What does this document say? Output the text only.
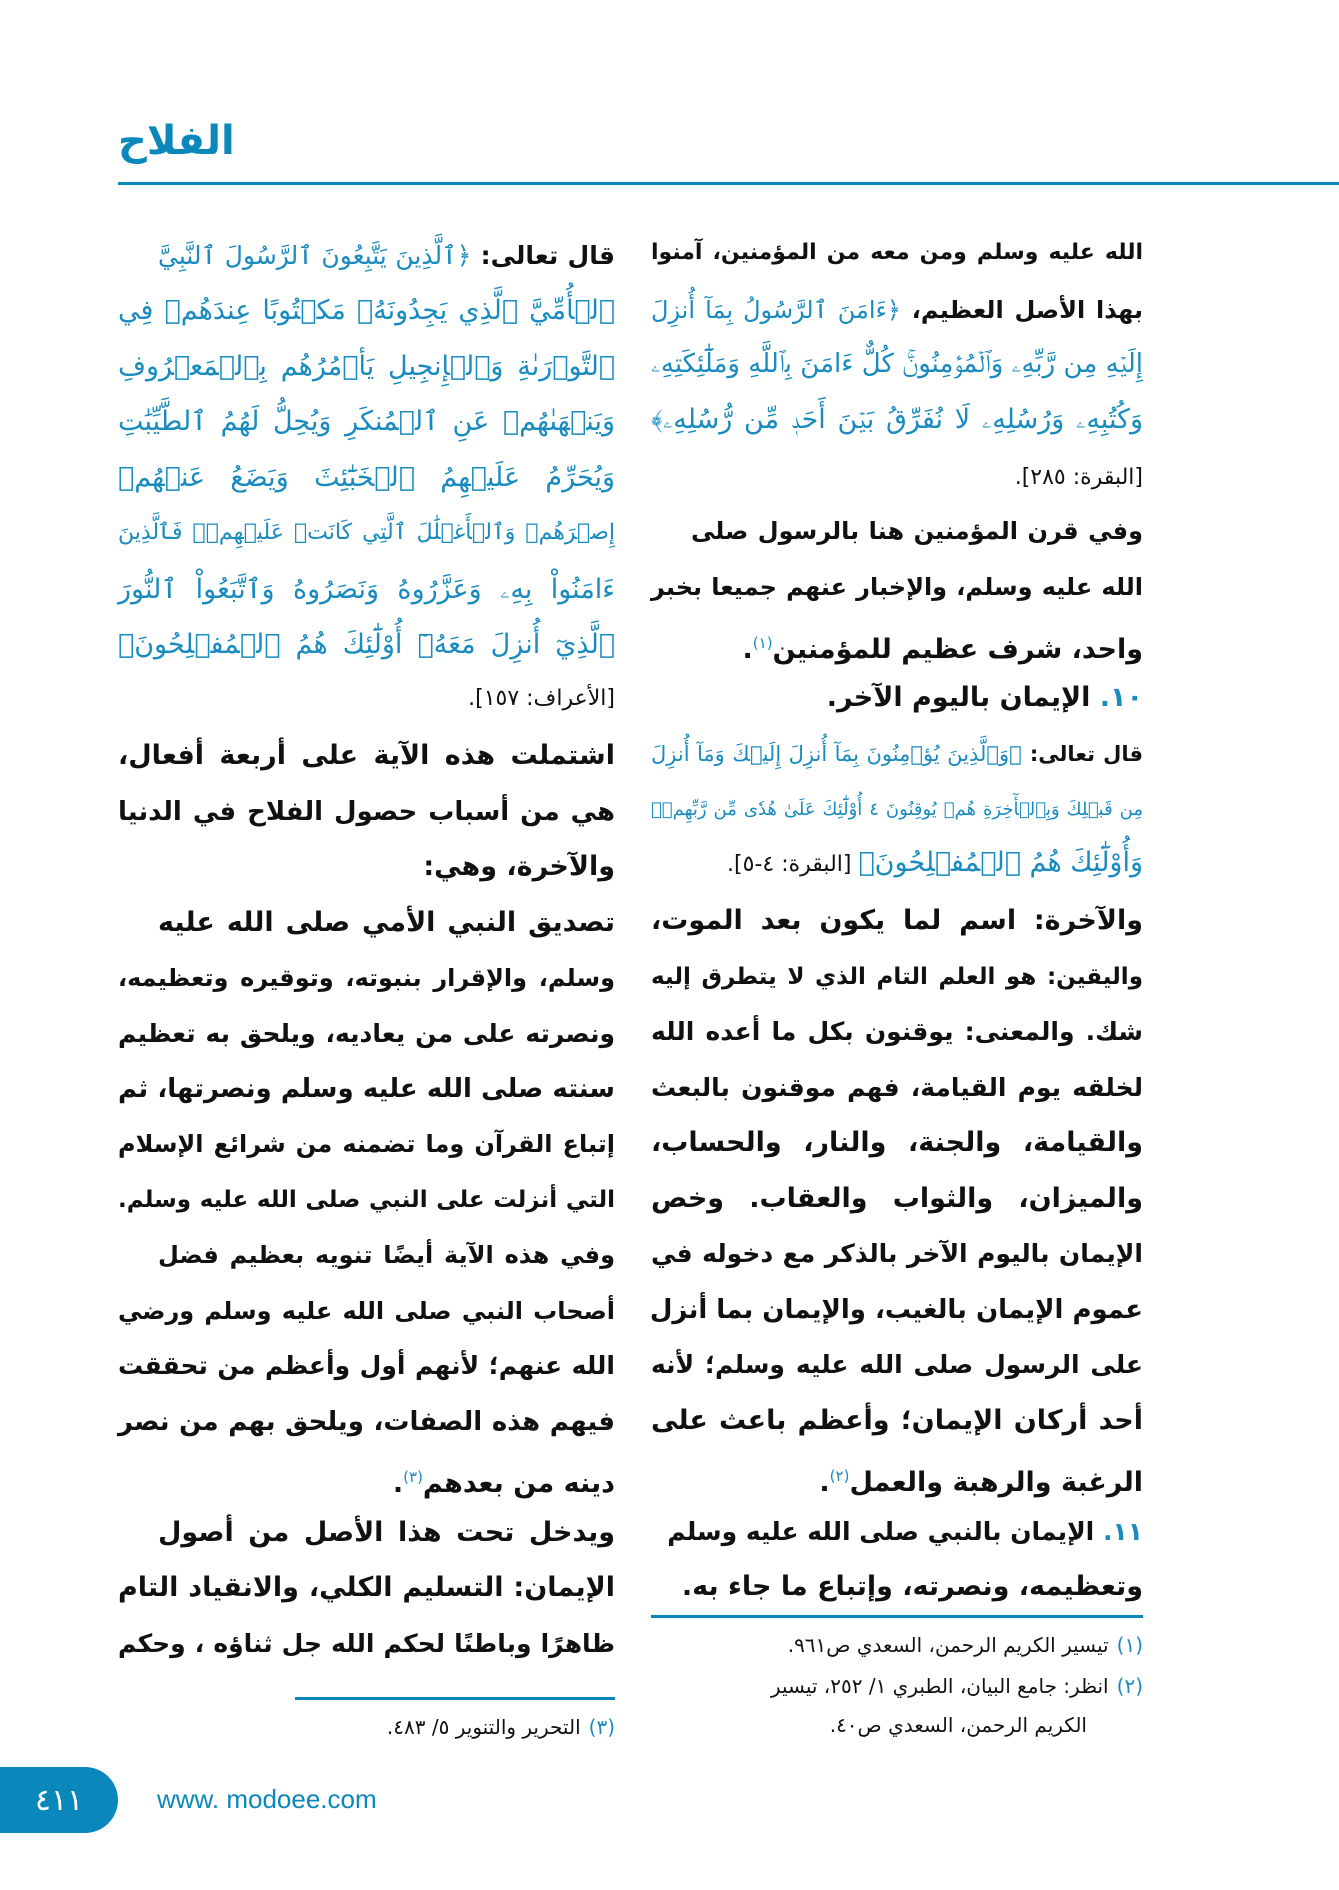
الفلاح
الله عليه وسلم ومن معه من المؤمنين، آمنوا
بهذا الأصل العظيم، ﴿ءَامَنَ ٱلرَّسُولُ بِمَآ أُنزِلَ
إِلَيۡهِ مِن رَّبِّهِۦ وَٱلۡمُؤۡمِنُونَۚ كُلٌّ ءَامَنَ بِٱللَّهِ وَمَلَٰٓئِكَتِهِۦ
وَكُتُبِهِۦ وَرُسُلِهِۦ لَا نُفَرِّقُ بَيۡنَ أَحَدٖ مِّن رُّسُلِهِۦ﴾
[البقرة: ٢٨٥].
وفي قرن المؤمنين هنا بالرسول صلى
الله عليه وسلم، والإخبار عنهم جميعا بخبر
واحد، شرف عظيم للمؤمنين$^{(١)}$.
١٠. الإيمان باليوم الآخر.
قال تعالى: ﴿وَٱلَّذِينَ يُؤۡمِنُونَ بِمَآ أُنزِلَ إِلَيۡكَ وَمَآ أُنزِلَ
مِن قَبۡلِكَ وَبِٱلۡأٓخِرَةِ هُمۡ يُوقِنُونَ ٤ أُوْلَٰٓئِكَ عَلَىٰ هُدٗى مِّن رَّبِّهِمۡۖ
وَأُوْلَٰٓئِكَ هُمُ ٱلۡمُفۡلِحُونَ﴾ [البقرة: ٤-٥].
والآخرة: اسم لما يكون بعد الموت،
واليقين: هو العلم التام الذي لا يتطرق إليه
شك. والمعنى: يوقنون بكل ما أعده الله
لخلقه يوم القيامة، فهم موقنون بالبعث
والقيامة، والجنة، والنار، والحساب،
والميزان، والثواب والعقاب. وخص
الإيمان باليوم الآخر بالذكر مع دخوله في
عموم الإيمان بالغيب، والإيمان بما أنزل
على الرسول صلى الله عليه وسلم؛ لأنه
أحد أركان الإيمان؛ وأعظم باعث على
الرغبة والرهبة والعمل$^{(٢)}$.
١١. الإيمان بالنبي صلى الله عليه وسلم
وتعظيمه، ونصرته، وإتباع ما جاء به.
قال تعالى: ﴿ٱلَّذِينَ يَتَّبِعُونَ ٱلرَّسُولَ ٱلنَّبِيَّ
ٱلۡأُمِّيَّ ٱلَّذِي يَجِدُونَهُۥ مَكۡتُوبًا عِندَهُمۡ فِي
ٱلتَّوۡرَىٰةِ وَٱلۡإِنجِيلِ يَأۡمُرُهُم بِٱلۡمَعۡرُوفِ
وَيَنۡهَىٰهُمۡ عَنِ ٱلۡمُنكَرِ وَيُحِلُّ لَهُمُ ٱلطَّيِّبَٰتِ
وَيُحَرِّمُ عَلَيۡهِمُ ٱلۡخَبَٰٓئِثَ وَيَضَعُ عَنۡهُمۡ
إِصۡرَهُمۡ وَٱلۡأَغۡلَٰلَ ٱلَّتِي كَانَتۡ عَلَيۡهِمۡۚ فَٱلَّذِينَ
ءَامَنُواْ بِهِۦ وَعَزَّرُوهُ وَنَصَرُوهُ وَٱتَّبَعُواْ ٱلنُّورَ
ٱلَّذِيٓ أُنزِلَ مَعَهُۥٓ أُوْلَٰٓئِكَ هُمُ ٱلۡمُفۡلِحُونَ﴾
[الأعراف: ١٥٧].
اشتملت هذه الآية على أربعة أفعال،
هي من أسباب حصول الفلاح في الدنيا
والآخرة، وهي:
تصديق النبي الأمي صلى الله عليه
وسلم، والإقرار بنبوته، وتوقيره وتعظيمه،
ونصرته على من يعاديه، ويلحق به تعظيم
سنته صلى الله عليه وسلم ونصرتها، ثم
إتباع القرآن وما تضمنه من شرائع الإسلام
التي أنزلت على النبي صلى الله عليه وسلم.
وفي هذه الآية أيضًا تنويه بعظيم فضل
أصحاب النبي صلى الله عليه وسلم ورضي
الله عنهم؛ لأنهم أول وأعظم من تحققت
فيهم هذه الصفات، ويلحق بهم من نصر
دينه من بعدهم$^{(٣)}$.
ويدخل تحت هذا الأصل من أصول
الإيمان: التسليم الكلي، والانقياد التام
ظاهرًا وباطنًا لحكم الله جل ثناؤه ، وحكم	(١)تيسير الكريم الرحمن، السعدي ص٩٦١.
(٢)انظر: جامع البيان، الطبري ١/ ٢٥٢، تيسير
الكريم الرحمن، السعدي ص٤٠.
(٣)التحرير والتنوير ٥/ ٤٨٣.
٤١١	www. modoee.com
